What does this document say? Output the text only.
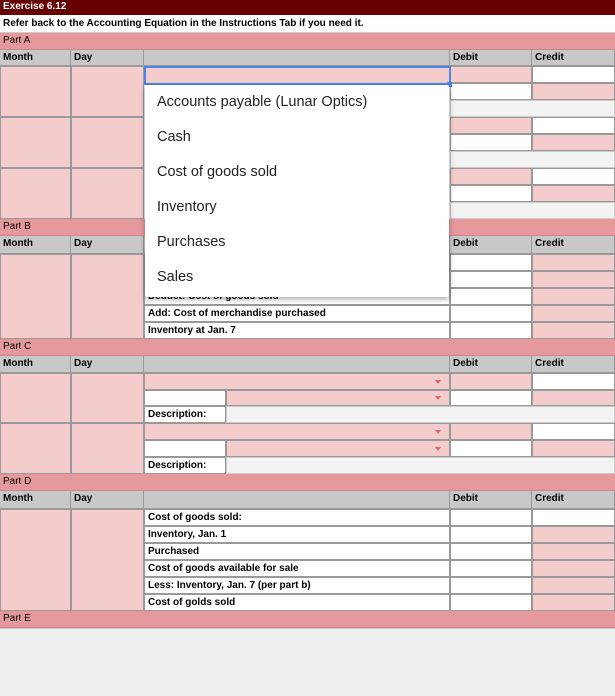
Exercise 6.12
Refer back to the Accounting Equation in the Instructions Tab if you need it.
Part A
Month	Day	Debit	Credit
Part B
Month	Day	Debit	Credit
Add: Cost of merchandise purchased
Inventory at Jan. 7
Part C
Month	Day	Debit	Credit
Description:
Description:
Part D
Month	Day	Debit	Credit
Cost of goods sold:
Inventory, Jan. 1
Purchased
Cost of goods available for sale
Less: Inventory, Jan. 7 (per part b)
Cost of golds sold
Part E
Accounts payable (Lunar Optics)
Cash
Cost of goods sold
Inventory
Purchases
Sales
